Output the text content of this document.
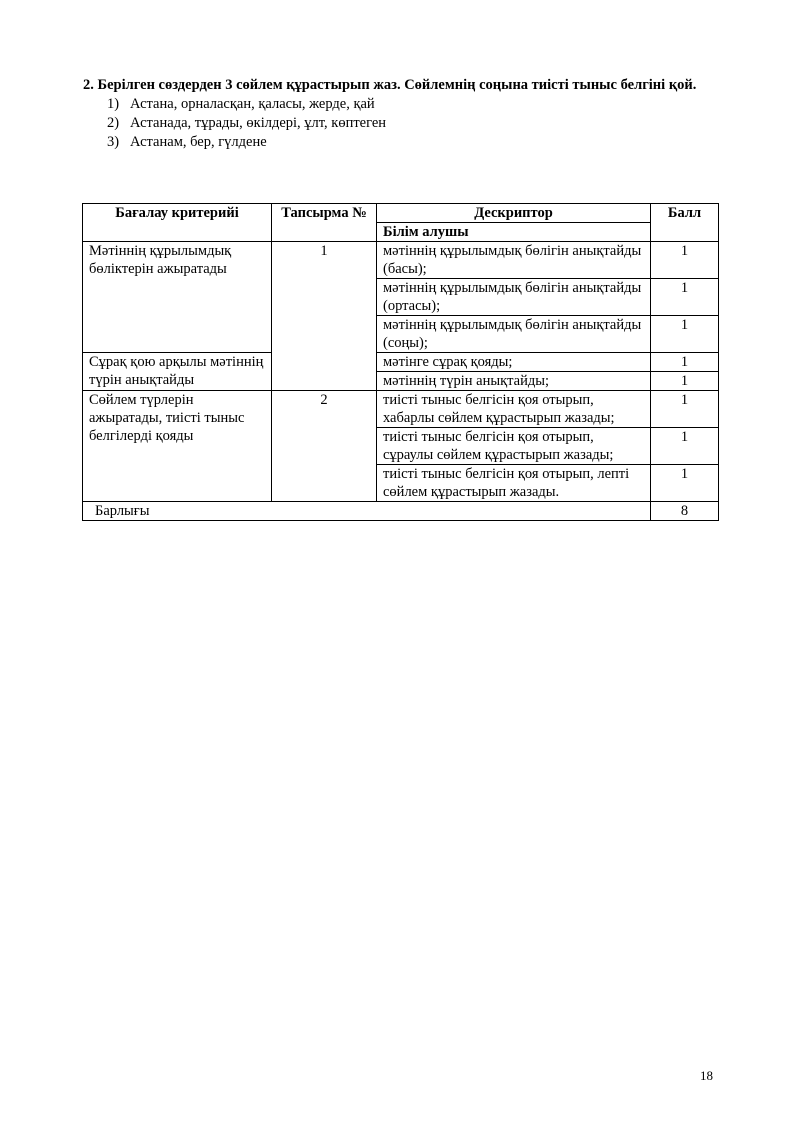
2. Берілген сөздерден 3 сөйлем құрастырып жаз. Сөйлемнің соңына тиісті тыныс белгіні қой.

1) Астана, орналасқан, қаласы, жерде, қай
2) Астанада, тұрады, өкілдері, ұлт, көптеген
3) Астанам, бер, гүлдене
Бағалау критерийі	Тапсырма №	Дескриптор	Балл
		Білім алушы	
Мәтіннің құрылымдық бөліктерін ажыратады	1	мәтіннің құрылымдық бөлігін анықтайды (басы);	1
		мәтіннің құрылымдық бөлігін анықтайды (ортасы);	1
		мәтіннің құрылымдық бөлігін анықтайды (соңы);	1
Сұрақ қою арқылы мәтіннің түрін анықтайды		мәтінге сұрақ қояды;	1
		мәтіннің түрін анықтайды;	1
Сөйлем түрлерін ажыратады, тиісті тыныс белгілерді қояды	2	тиісті тыныс белгісін қоя отырып, хабарлы сөйлем құрастырып жазады;	1
		тиісті тыныс белгісін қоя отырып, сұраулы сөйлем құрастырып жазады;	1
		тиісті тыныс белгісін қоя отырып, лепті сөйлем құрастырып жазады.	1
Барлығы			8
18
